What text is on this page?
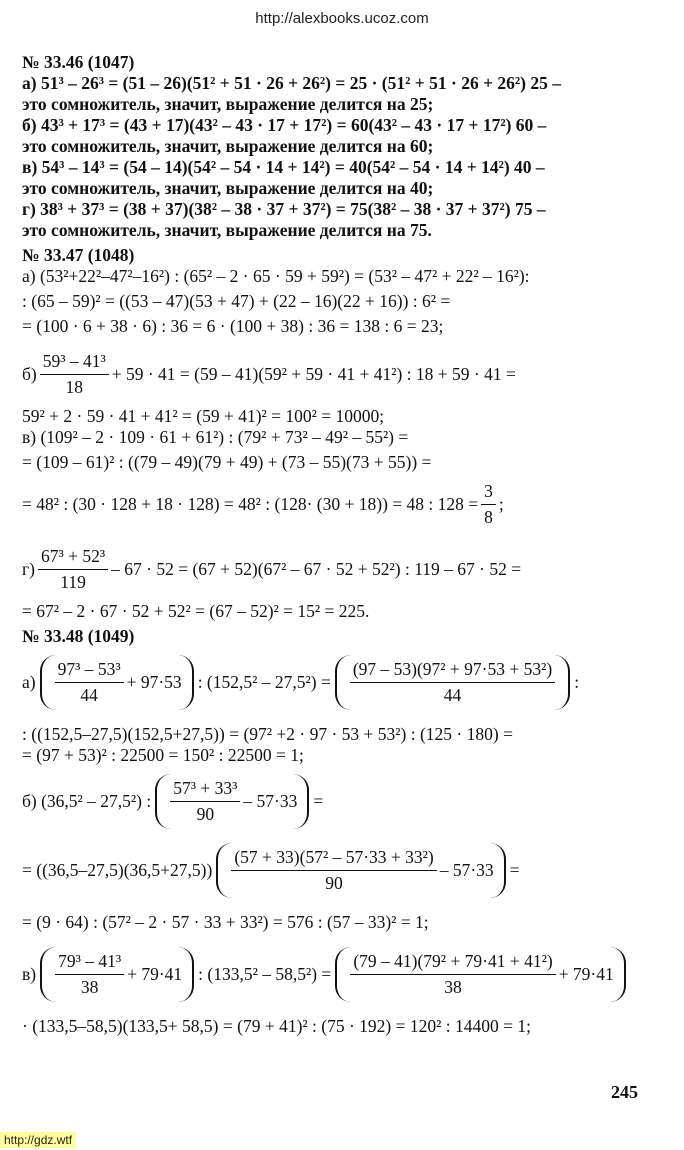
http://alexbooks.ucoz.com

№ 33.46 (1047)

а) 51³ – 26³ = (51 – 26)(51² + 51 · 26 + 26²) = 25 · (51² + 51 · 26 + 26²) 25 –

это сомножитель, значит, выражение делится на 25;

б) 43³ + 17³ = (43 + 17)(43² – 43 · 17 + 17²) = 60(43² – 43 · 17 + 17²) 60 –

это сомножитель, значит, выражение делится на 60;

в) 54³ – 14³ = (54 – 14)(54² – 54 · 14 + 14²) = 40(54² – 54 · 14 + 14²) 40 –

это сомножитель, значит, выражение делится на 40;

г) 38³ + 37³ = (38 + 37)(38² – 38 · 37 + 37²) = 75(38² – 38 · 37 + 37²) 75 –

это сомножитель, значит, выражение делится на 75.

№ 33.47 (1048)

а) (53²+22²–47²–16²) : (65² – 2 · 65 · 59 + 59²) = (53² – 47² + 22² – 16²):

: (65 – 59)² = ((53 – 47)(53 + 47) + (22 – 16)(22 + 16)) : 6² =

= (100 · 6 + 38 · 6) : 36 = 6 · (100 + 38) : 36 = 138 : 6 = 23;

$б) \frac{\text{59³ – 41³}}{18} + 59 \cdot 41 = (59 - 41)(59^2 + 59 \cdot 41 + 41^2)$ : 18 + 59 · 41 =

59² + 2 · 59 · 41 + 41² = (59 + 41)² = 100² = 10000;

в) (109² – 2 · 109 · 61 + 61²) : (79² + 73² – 49² – 55²) =

= (109 – 61)² : ((79 – 49)(79 + 49) + (73 – 55)(73 + 55)) =

= 48² : (30 · 128 + 18 · 128) = 48² : (128· (30 + 18)) = 48 : $128 = \frac{3}{8}$ ;
$г) \frac{\text{67³ + 52³}}{119} - 67 \cdot 52 = (67 + 52)(67^2 - 67 \cdot 52 + 52^2)$ : 119 – 67 · 52 =

= 67² – 2 · 67 · 52 + 52² = (67 – 52)² = 15² = 225.

№ 33.48 (1049)

$а) \frac{\text{97³ – 53³}}{44} + 97\cdot 53$ : $(152,5^2 - 27,5^2) = \frac{\text{(97 – 53)(97² + 97·53 + 53²)}}{44}$ :

: ((152,5–27,5)(152,5+27,5)) = (97² +2 · 97 · 53 + 53²) : (125 · 180) =

= (97 + 53)² : 22500 = 150² : 22500 = 1;

б) (36,5² – 27,5²) : $\frac{\text{57³ + 33³}}{90} - 57\cdot 33$ =
= $((36,5-27,5)(36,5+27,5)) \frac{\text{(57 + 33)(57² – 57·33 + 33²)}}{90} - 57\cdot 33$ =

= (9 · 64) : (57² – 2 · 57 · 33 + 33²) = 576 : (57 – 33)² = 1;

$в) \frac{\text{79³ – 41³}}{38} + 79\cdot 41$ : $(133,5^2 - 58,5^2) = \frac{\text{(79 – 41)(79² + 79·41 + 41²)}}{38} + 79\cdot 41$

· (133,5–58,5)(133,5+ 58,5) = (79 + 41)² : (75 · 192) = 120² : 14400 = 1;

245
http://gdz.wtf
